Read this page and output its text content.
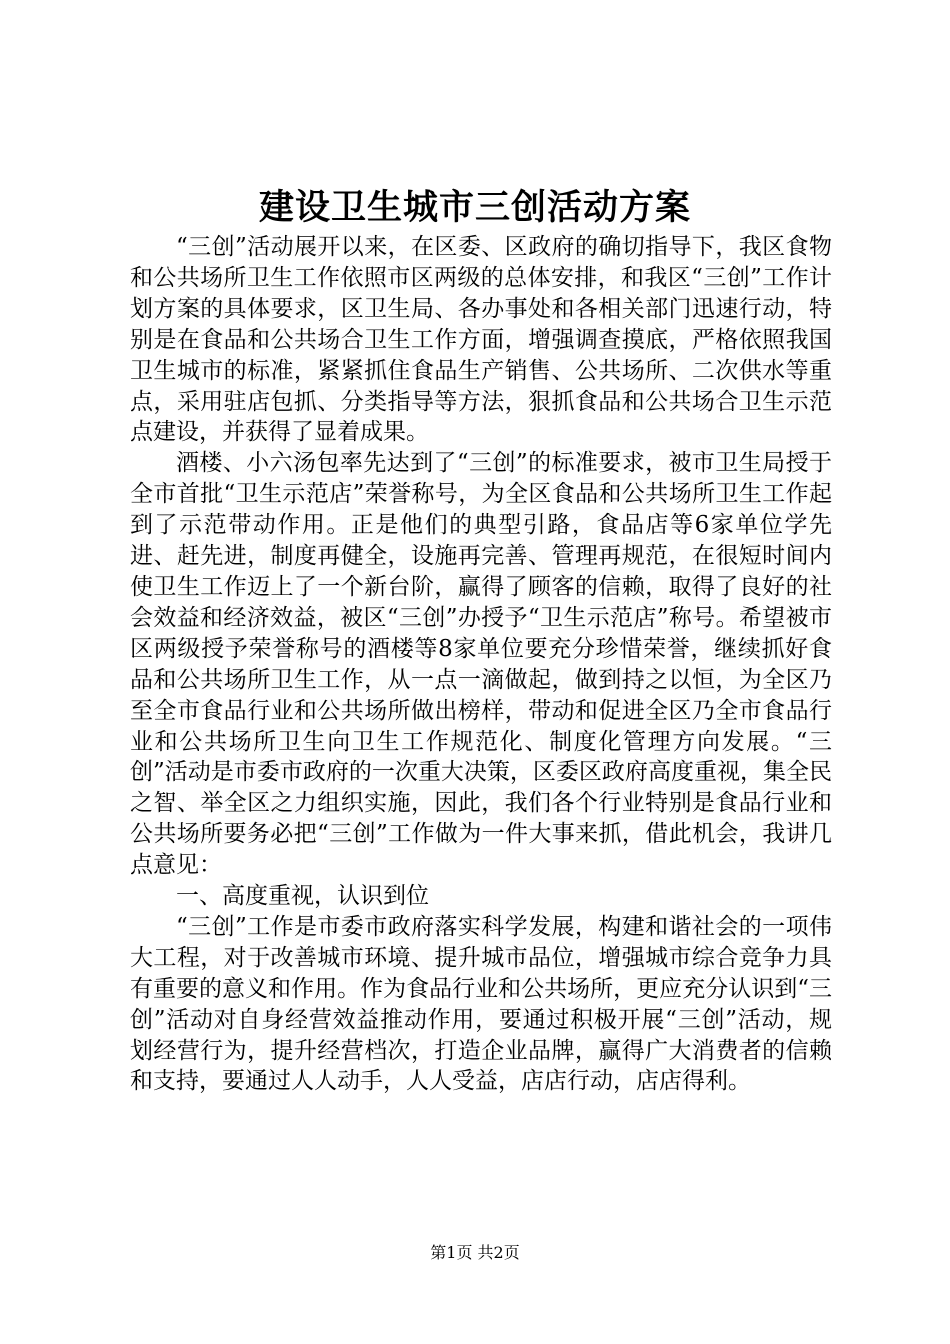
建设卫生城市三创活动方案

“三创”活动展开以来，在区委、区政府的确切指导下，我区食物和公共场所卫生工作依照市区两级的总体安排，和我区“三创”工作计划方案的具体要求，区卫生局、各办事处和各相关部门迅速行动，特别是在食品和公共场合卫生工作方面，增强调查摸底，严格依照我国卫生城市的标准，紧紧抓住食品生产销售、公共场所、二次供水等重点，采用驻店包抓、分类指导等方法，狠抓食品和公共场合卫生示范点建设，并获得了显着成果。

酒楼、小六汤包率先达到了“三创”的标准要求，被市卫生局授于全市首批“卫生示范店”荣誉称号，为全区食品和公共场所卫生工作起到了示范带动作用。正是他们的典型引路，食品店等6家单位学先进、赶先进，制度再健全，设施再完善、管理再规范，在很短时间内使卫生工作迈上了一个新台阶，赢得了顾客的信赖，取得了良好的社会效益和经济效益，被区“三创”办授予“卫生示范店”称号。希望被市区两级授予荣誉称号的酒楼等8家单位要充分珍惜荣誉，继续抓好食品和公共场所卫生工作，从一点一滴做起，做到持之以恒，为全区乃至全市食品行业和公共场所做出榜样，带动和促进全区乃全市食品行业和公共场所卫生向卫生工作规范化、制度化管理方向发展。“三创”活动是市委市政府的一次重大决策，区委区政府高度重视，集全民之智、举全区之力组织实施，因此，我们各个行业特别是食品行业和公共场所要务必把“三创”工作做为一件大事来抓，借此机会，我讲几点意见：

一、高度重视，认识到位

“三创”工作是市委市政府落实科学发展，构建和谐社会的一项伟大工程，对于改善城市环境、提升城市品位，增强城市综合竞争力具有重要的意义和作用。作为食品行业和公共场所，更应充分认识到“三创”活动对自身经营效益推动作用，要通过积极开展“三创”活动，规划经营行为，提升经营档次，打造企业品牌，赢得广大消费者的信赖和支持，要通过人人动手，人人受益，店店行动，店店得利。

第1页 共2页
